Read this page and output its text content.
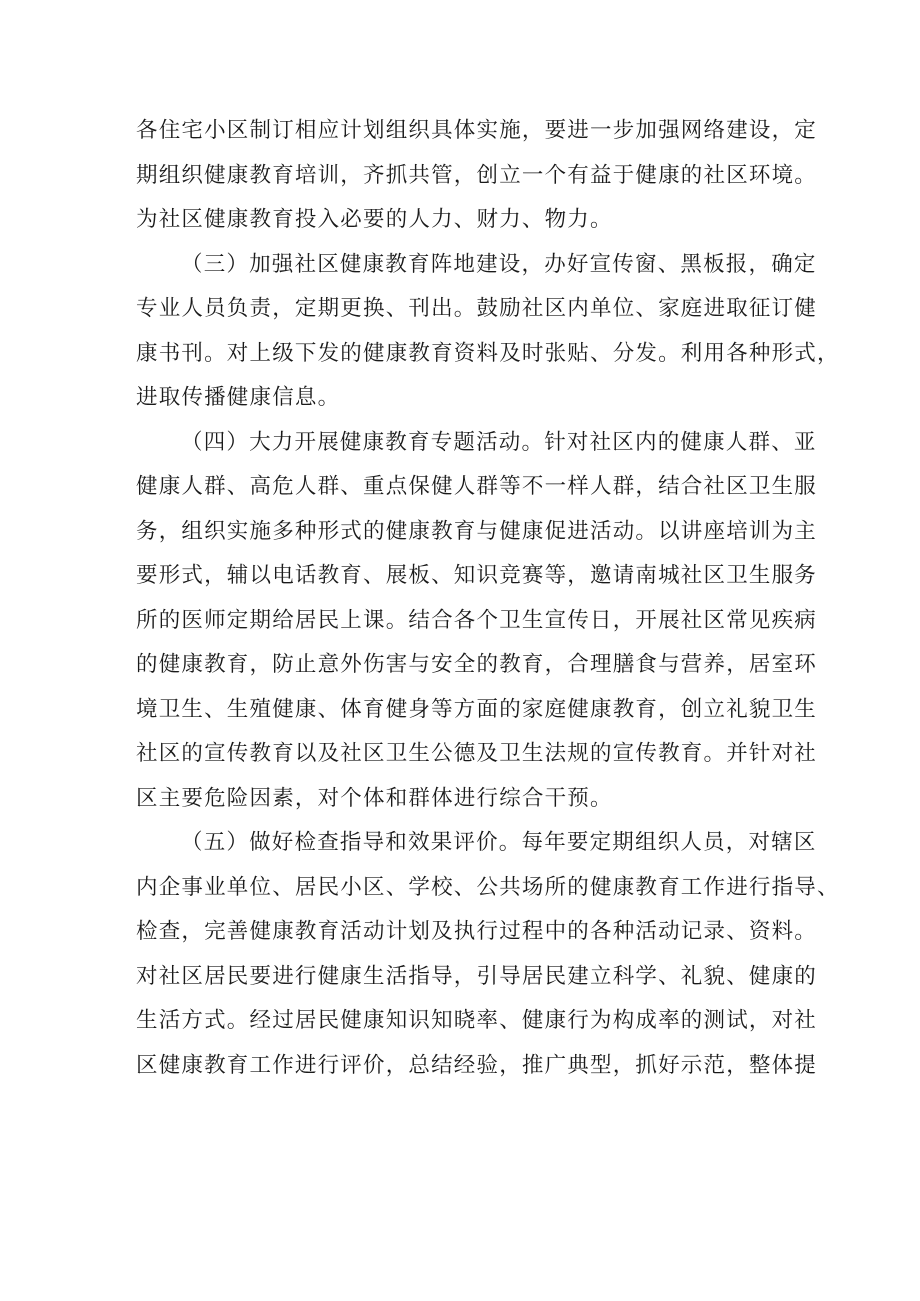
各住宅小区制订相应计划组织具体实施，要进一步加强网络建设，定
期组织健康教育培训，齐抓共管，创立一个有益于健康的社区环境。
为社区健康教育投入必要的人力、财力、物力。
（三）加强社区健康教育阵地建设，办好宣传窗、黑板报，确定
专业人员负责，定期更换、刊出。鼓励社区内单位、家庭进取征订健
康书刊。对上级下发的健康教育资料及时张贴、分发。利用各种形式，
进取传播健康信息。
（四）大力开展健康教育专题活动。针对社区内的健康人群、亚
健康人群、高危人群、重点保健人群等不一样人群，结合社区卫生服
务，组织实施多种形式的健康教育与健康促进活动。以讲座培训为主
要形式，辅以电话教育、展板、知识竞赛等，邀请南城社区卫生服务
所的医师定期给居民上课。结合各个卫生宣传日，开展社区常见疾病
的健康教育，防止意外伤害与安全的教育，合理膳食与营养，居室环
境卫生、生殖健康、体育健身等方面的家庭健康教育，创立礼貌卫生
社区的宣传教育以及社区卫生公德及卫生法规的宣传教育。并针对社
区主要危险因素，对个体和群体进行综合干预。
（五）做好检查指导和效果评价。每年要定期组织人员，对辖区
内企事业单位、居民小区、学校、公共场所的健康教育工作进行指导、
检查，完善健康教育活动计划及执行过程中的各种活动记录、资料。
对社区居民要进行健康生活指导，引导居民建立科学、礼貌、健康的
生活方式。经过居民健康知识知晓率、健康行为构成率的测试，对社
区健康教育工作进行评价，总结经验，推广典型，抓好示范，整体提
